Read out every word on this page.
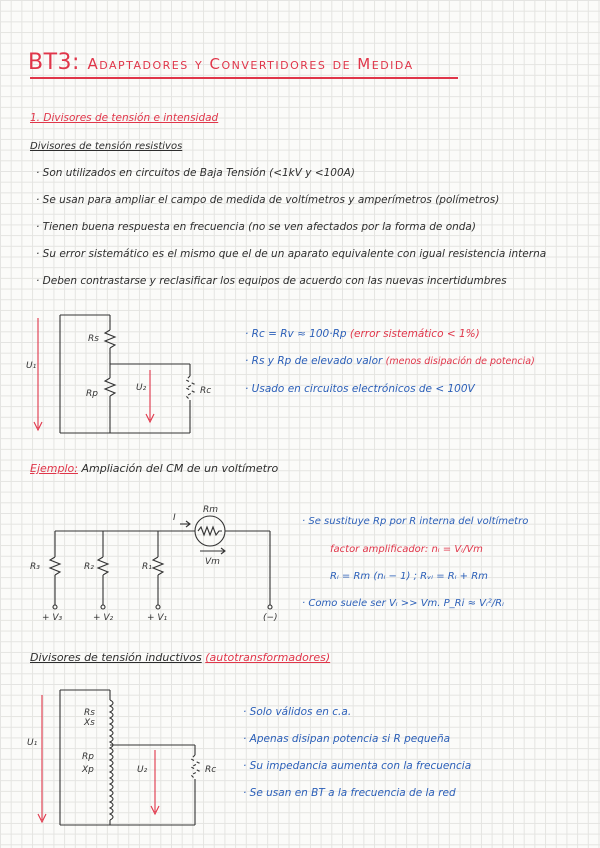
BT3: Adaptadores y Convertidores de Medida
1. Divisores de tensión e intensidad
Divisores de tensión resistivos
· Son utilizados en circuitos de Baja Tensión (<1kV y <100A)
· Se usan para ampliar el campo de medida de voltímetros y amperímetros (polímetros)
· Tienen buena respuesta en frecuencia (no se ven afectados por la forma de onda)
· Su error sistemático es el mismo que el de un aparato equivalente con igual resistencia interna
· Deben contrastarse y reclasificar los equipos de acuerdo con las nuevas incertidumbres
Rs
Rp	Rc
U₁
U₂
· Rc = Rv ≈ 100·Rp (error sistemático < 1%)
· Rs y Rp de elevado valor (menos disipación de potencia)
· Usado en circuitos electrónicos de < 100V
Ejemplo: Ampliación del CM de un voltímetro
Rm
I
Vm
R₃	R₂	R₁
+ V₃	+ V₂	+ V₁	(−)
· Se sustituye Rp por R interna del voltímetro
factor amplificador: nᵢ = Vᵢ/Vm
Rᵢ = Rm (nᵢ − 1) ; Rᵥᵢ = Rᵢ + Rm
· Como suele ser Vᵢ >> Vm. P_Ri ≈ Vᵢ²/Rᵢ
Divisores de tensión inductivos (autotransformadores)
Rs
Xs
Rp
Xp	Rc
U₁
U₂
· Solo válidos en c.a.
· Apenas disipan potencia si R pequeña
· Su impedancia aumenta con la frecuencia
· Se usan en BT a la frecuencia de la red
